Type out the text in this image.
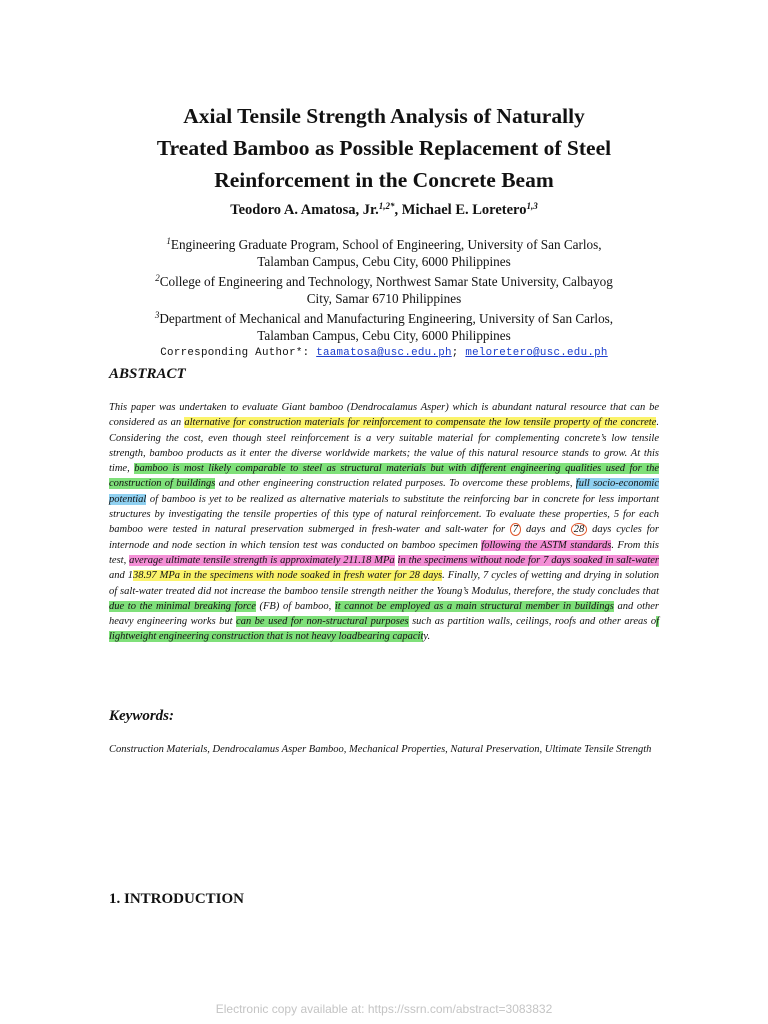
Axial Tensile Strength Analysis of Naturally
Treated Bamboo as Possible Replacement of Steel
Reinforcement in the Concrete Beam
Teodoro A. Amatosa, Jr.$^{1,2*}$, Michael E. Loretero$^{1,3}$
$^1$Engineering Graduate Program, School of Engineering, University of San Carlos,
Talamban Campus, Cebu City, 6000 Philippines
$^2$College of Engineering and Technology, Northwest Samar State University, Calbayog
City, Samar 6710 Philippines
$^3$Department of Mechanical and Manufacturing Engineering, University of San Carlos,
Talamban Campus, Cebu City, 6000 Philippines
Corresponding Author*: taamatosa@usc.edu.ph; meloretero@usc.edu.ph
ABSTRACT
This paper was undertaken to evaluate Giant bamboo (Dendrocalamus Asper) which is abundant natural resource that can be considered as an alternative for construction materials for reinforcement to compensate the low tensile property of the concrete. Considering the cost, even though steel reinforcement is a very suitable material for complementing concrete’s low tensile strength, bamboo products as it enter the diverse worldwide markets; the value of this natural resource stands to grow. At this time, bamboo is most likely comparable to steel as structural materials but with different engineering qualities used for the construction of buildings and other engineering construction related purposes. To overcome these problems, full socio-economic potential of bamboo is yet to be realized as alternative materials to substitute the reinforcing bar in concrete for less important structures by investigating the tensile properties of this type of natural reinforcement. To evaluate these properties, 5 for each bamboo were tested in natural preservation submerged in fresh-water and salt-water for 7 days and 28 days cycles for internode and node section in which tension test was conducted on bamboo specimen following the ASTM standards. From this test, average ultimate tensile strength is approximately 211.18 MPa in the specimens without node for 7 days soaked in salt-water and 138.97 MPa in the specimens with node soaked in fresh water for 28 days. Finally, 7 cycles of wetting and drying in solution of salt-water treated did not increase the bamboo tensile strength neither the Young’s Modulus, therefore, the study concludes that due to the minimal breaking force (FB) of bamboo, it cannot be employed as a main structural member in buildings and other heavy engineering works but can be used for non-structural purposes such as partition walls, ceilings, roofs and other areas of lightweight engineering construction that is not heavy loadbearing capacity.
Keywords:
Construction Materials, Dendrocalamus Asper Bamboo, Mechanical Properties, Natural Preservation, Ultimate Tensile Strength
1. INTRODUCTION
Electronic copy available at: https://ssrn.com/abstract=3083832
